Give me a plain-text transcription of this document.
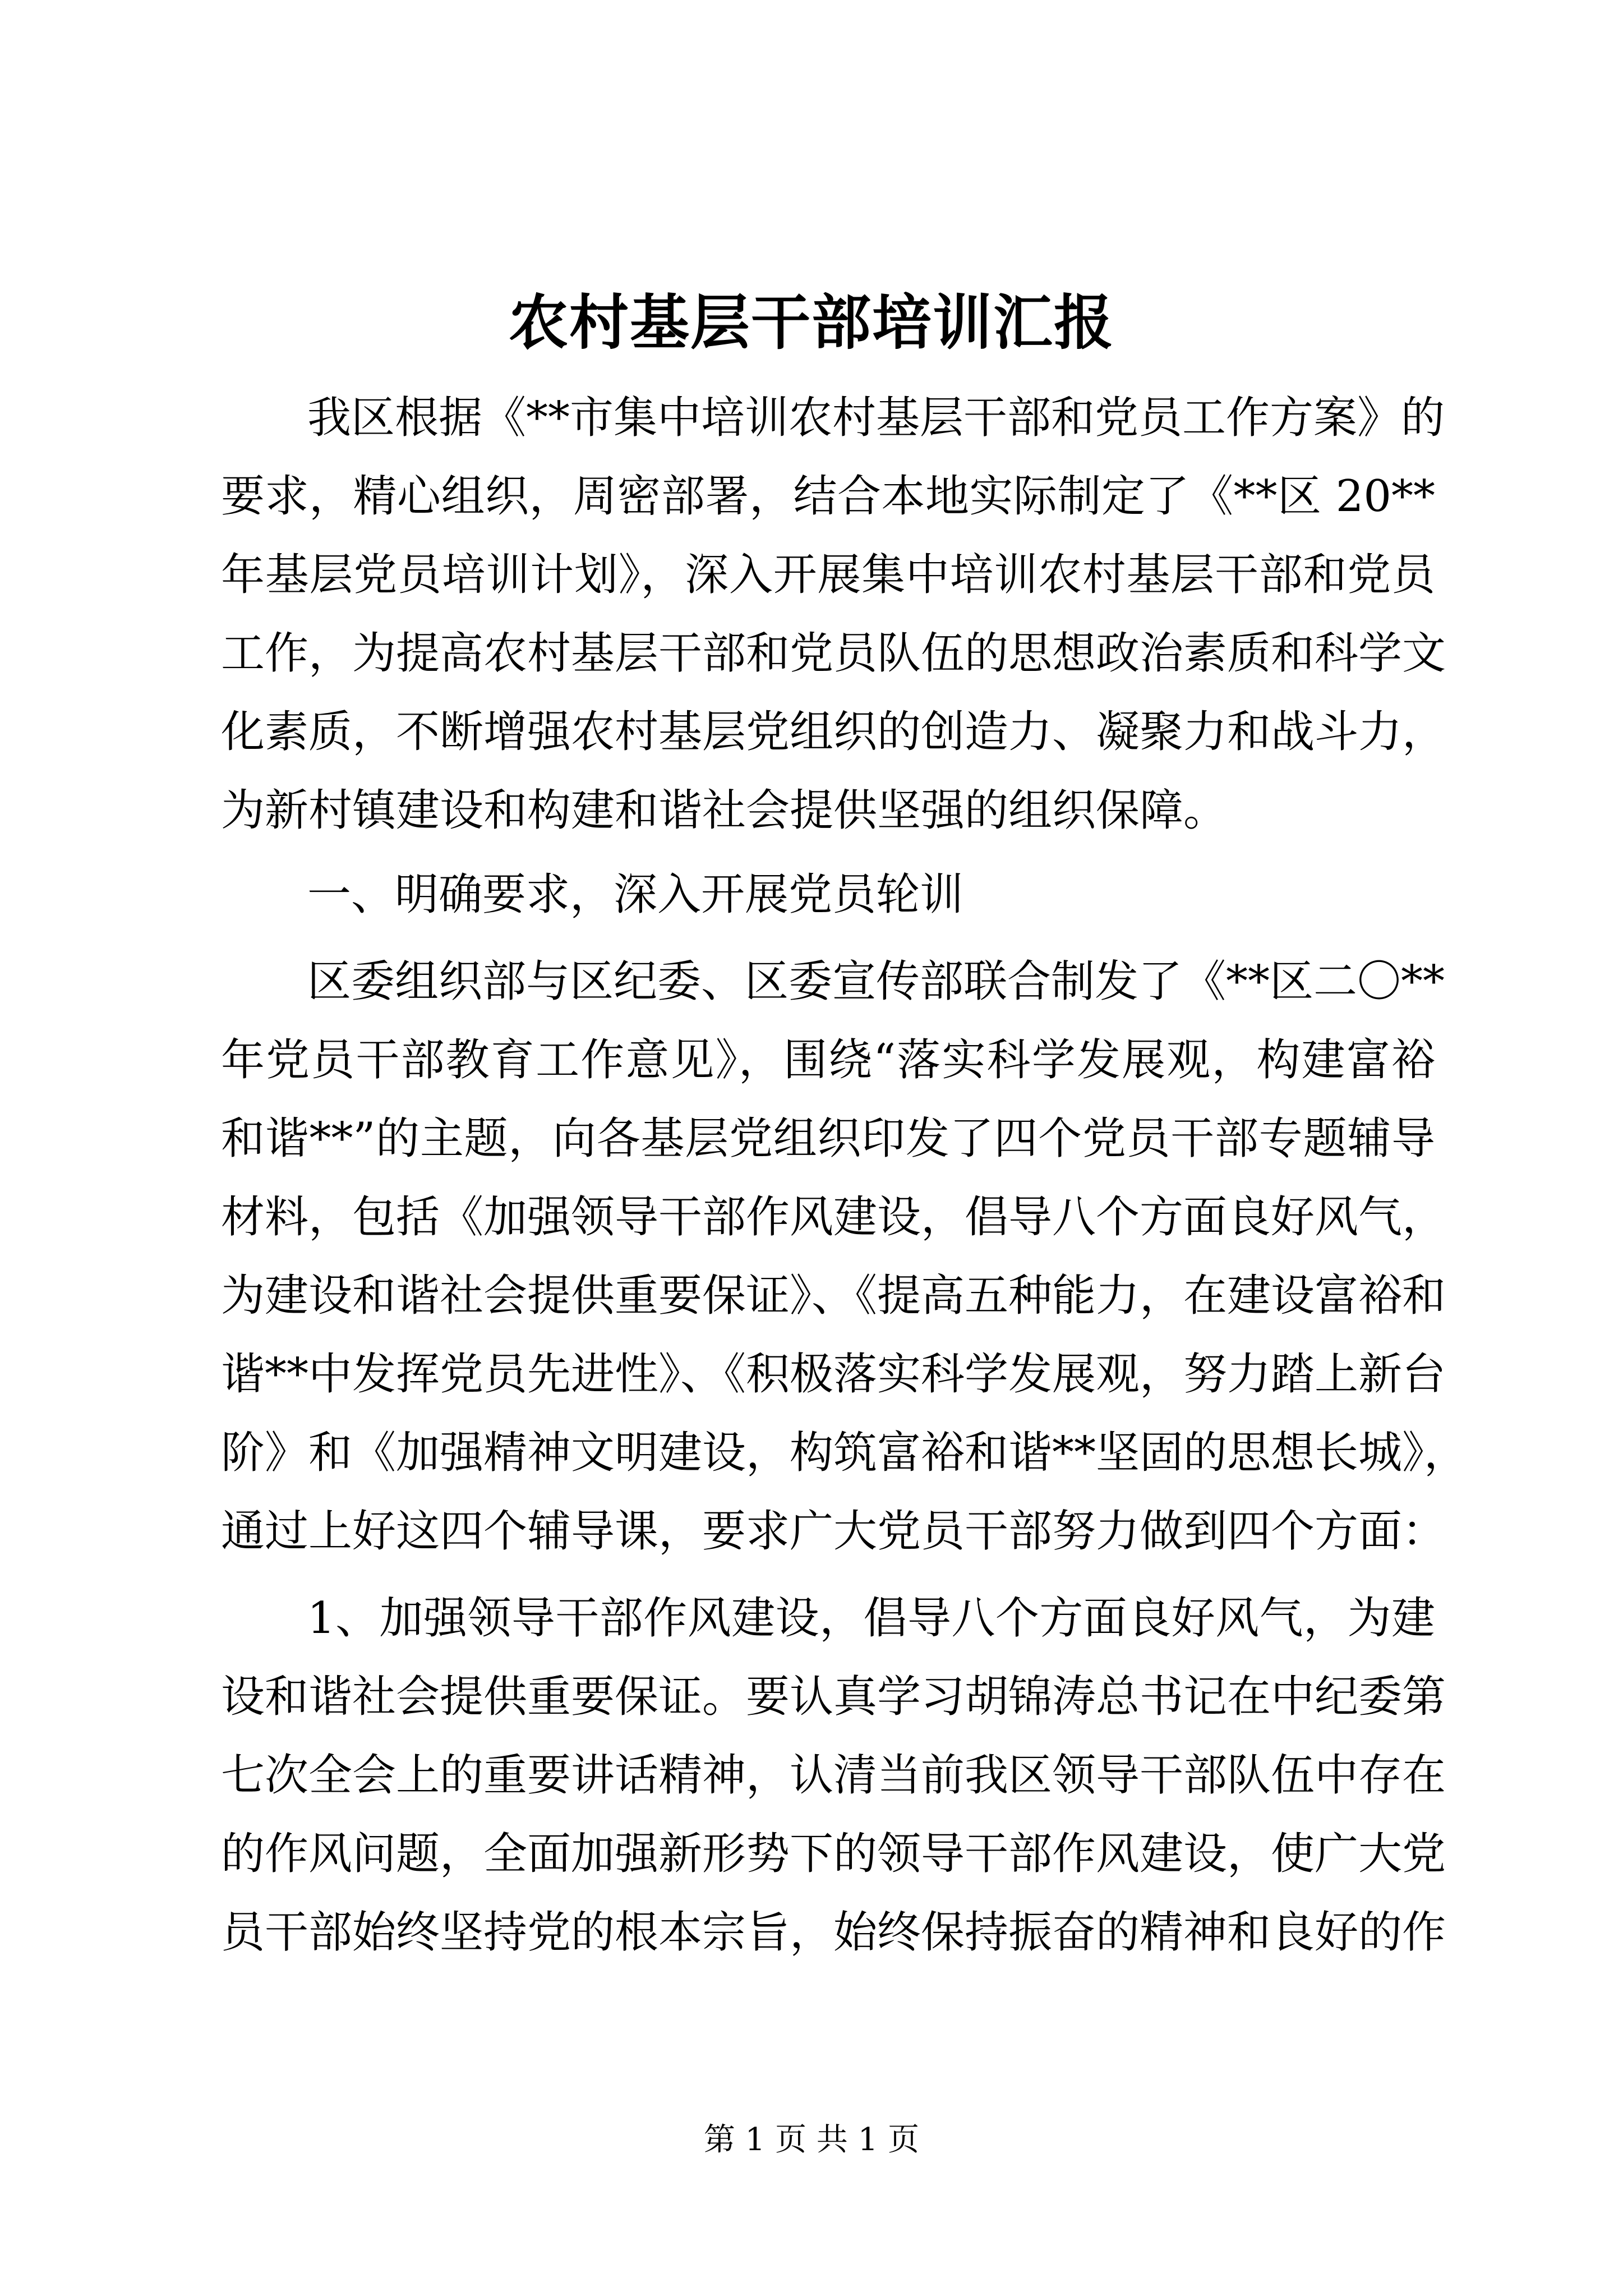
农村基层干部培训汇报
我区根据《**市集中培训农村基层干部和党员工作方案》的
要求，精心组织，周密部署，结合本地实际制定了《**区 20**
年基层党员培训计划》，深入开展集中培训农村基层干部和党员
工作，为提高农村基层干部和党员队伍的思想政治素质和科学文
化素质，不断增强农村基层党组织的创造力、凝聚力和战斗力，
为新村镇建设和构建和谐社会提供坚强的组织保障。
一、明确要求，深入开展党员轮训
区委组织部与区纪委、区委宣传部联合制发了《**区二〇**
年党员干部教育工作意见》，围绕“落实科学发展观，构建富裕
和谐**”的主题，向各基层党组织印发了四个党员干部专题辅导
材料，包括《加强领导干部作风建设，倡导八个方面良好风气，
为建设和谐社会提供重要保证》、《提高五种能力，在建设富裕和
谐**中发挥党员先进性》、《积极落实科学发展观，努力踏上新台
阶》和《加强精神文明建设，构筑富裕和谐**坚固的思想长城》，
通过上好这四个辅导课，要求广大党员干部努力做到四个方面：
1、加强领导干部作风建设，倡导八个方面良好风气，为建
设和谐社会提供重要保证。要认真学习胡锦涛总书记在中纪委第
七次全会上的重要讲话精神，认清当前我区领导干部队伍中存在
的作风问题，全面加强新形势下的领导干部作风建设，使广大党
员干部始终坚持党的根本宗旨，始终保持振奋的精神和良好的作
第 1 页 共 1 页
